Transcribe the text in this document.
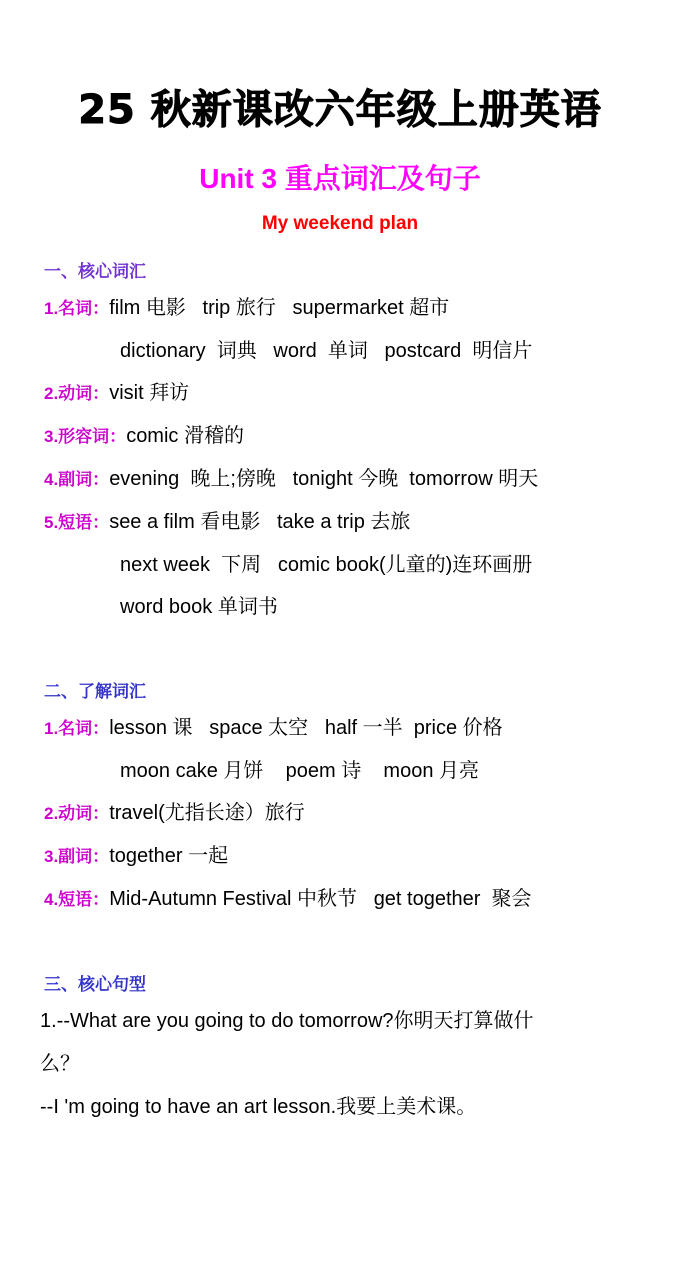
25 秋新课改六年级上册英语
Unit 3 重点词汇及句子
My weekend plan
一、核心词汇
1.名词： film 电影   trip 旅行   supermarket 超市
dictionary  词典   word  单词   postcard  明信片
2.动词： visit 拜访
3.形容词： comic 滑稽的
4.副词： evening  晚上;傍晚   tonight 今晚  tomorrow 明天
5.短语： see a film 看电影   take a trip 去旅
next week  下周   comic book(儿童的)连环画册
word book 单词书
二、了解词汇
1.名词： lesson 课   space 太空   half 一半  price 价格
moon cake 月饼    poem 诗    moon 月亮
2.动词： travel(尤指长途）旅行
3.副词： together 一起
4.短语： Mid-Autumn Festival 中秋节   get together  聚会
三、核心句型
1.--What are you going to do tomorrow?你明天打算做什
么？
--I 'm going to have an art lesson.我要上美术课。
